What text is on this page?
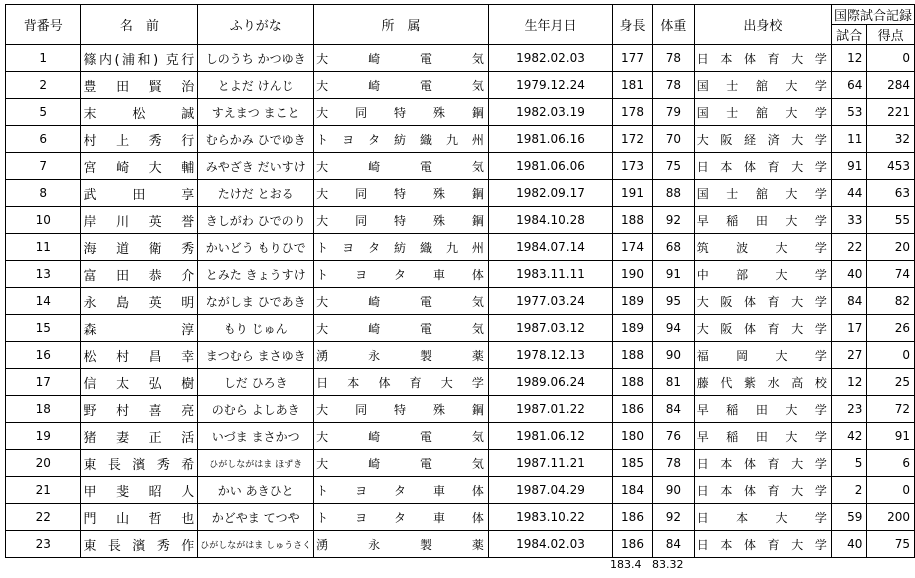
背番号	名　前	ふりがな	所　属	生年月日	身長	体重	出身校	国際試合記録	
								試合	得点
1	篠内(浦和) 克行	しのうち かつゆき	大崎電気	1982.02.03	177	78	日本体育大学	12	0
2	豊田賢治	とよだ けんじ	大崎電気	1979.12.24	181	78	国士舘大学	64	284
5	末松誠	すえまつ まこと	大同特殊鋼	1982.03.19	178	79	国士舘大学	53	221
6	村上秀行	むらかみ ひでゆき	トヨタ紡織九州	1981.06.16	172	70	大阪経済大学	11	32
7	宮崎大輔	みやざき だいすけ	大崎電気	1981.06.06	173	75	日本体育大学	91	453
8	武田享	たけだ とおる	大同特殊鋼	1982.09.17	191	88	国士舘大学	44	63
10	岸川英誉	きしがわ ひでのり	大同特殊鋼	1984.10.28	188	92	早稲田大学	33	55
11	海道衛秀	かいどう もりひで	トヨタ紡織九州	1984.07.14	174	68	筑波大学	22	20
13	富田恭介	とみた きょうすけ	トヨタ車体	1983.11.11	190	91	中部大学	40	74
14	永島英明	ながしま ひであき	大崎電気	1977.03.24	189	95	大阪体育大学	84	82
15	森淳	もり じゅん	大崎電気	1987.03.12	189	94	大阪体育大学	17	26
16	松村昌幸	まつむら まさゆき	湧永製薬	1978.12.13	188	90	福岡大学	27	0
17	信太弘樹	しだ ひろき	日本体育大学	1989.06.24	188	81	藤代紫水高校	12	25
18	野村喜亮	のむら よしあき	大同特殊鋼	1987.01.22	186	84	早稲田大学	23	72
19	猪妻正活	いづま まさかつ	大崎電気	1981.06.12	180	76	早稲田大学	42	91
20	東長濱秀希	ひがしながはま ほずき	大崎電気	1987.11.21	185	78	日本体育大学	5	6
21	甲斐昭人	かい あきひと	トヨタ車体	1987.04.29	184	90	日本体育大学	2	0
22	門山哲也	かどやま てつや	トヨタ車体	1983.10.22	186	92	日本大学	59	200
23	東長濱秀作	ひがしながはま しゅうさく	湧永製薬	1984.02.03	186	84	日本体育大学	40	75
183.4 83.32
